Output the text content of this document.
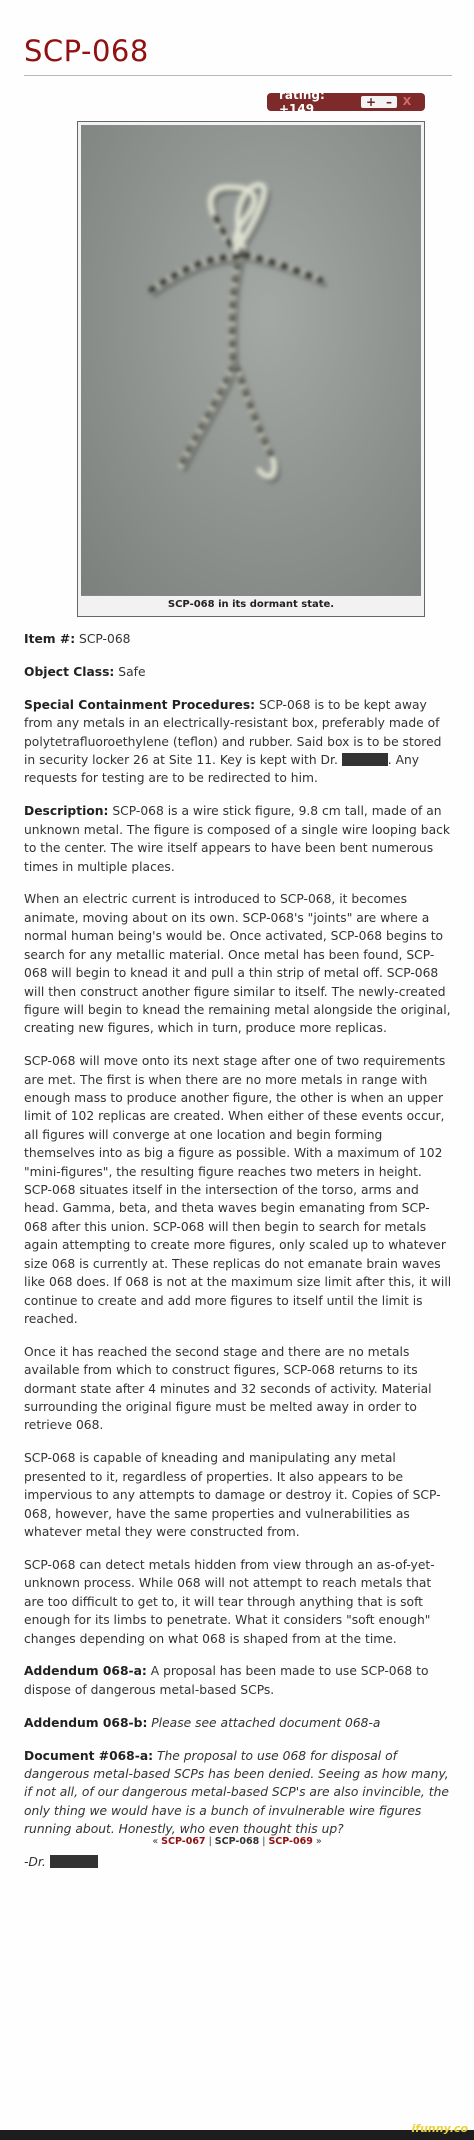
SCP-068
rating: +149	+ – X
SCP-068 in its dormant state.

Item #: SCP-068

Object Class: Safe

Special Containment Procedures: SCP-068 is to be kept away from any metals in an electrically-resistant box, preferably made of polytetrafluoroethylene (teflon) and rubber. Said box is to be stored in security locker 26 at Site 11. Key is kept with Dr.	. Any requests for testing are to be redirected to him.

Description: SCP-068 is a wire stick figure, 9.8 cm tall, made of an unknown metal. The figure is composed of a single wire looping back to the center. The wire itself appears to have been bent numerous times in multiple places.

When an electric current is introduced to SCP-068, it becomes animate, moving about on its own. SCP-068's "joints" are where a normal human being's would be. Once activated, SCP-068 begins to search for any metallic material. Once metal has been found, SCP-068 will begin to knead it and pull a thin strip of metal off. SCP-068 will then construct another figure similar to itself. The newly-created figure will begin to knead the remaining metal alongside the original, creating new figures, which in turn, produce more replicas.

SCP-068 will move onto its next stage after one of two requirements are met. The first is when there are no more metals in range with enough mass to produce another figure, the other is when an upper limit of 102 replicas are created. When either of these events occur, all figures will converge at one location and begin forming themselves into as big a figure as possible. With a maximum of 102 "mini-figures", the resulting figure reaches two meters in height. SCP-068 situates itself in the intersection of the torso, arms and head. Gamma, beta, and theta waves begin emanating from SCP-068 after this union. SCP-068 will then begin to search for metals again attempting to create more figures, only scaled up to whatever size 068 is currently at. These replicas do not emanate brain waves like 068 does. If 068 is not at the maximum size limit after this, it will continue to create and add more figures to itself until the limit is reached.

Once it has reached the second stage and there are no metals available from which to construct figures, SCP-068 returns to its dormant state after 4 minutes and 32 seconds of activity. Material surrounding the original figure must be melted away in order to retrieve 068.

SCP-068 is capable of kneading and manipulating any metal presented to it, regardless of properties. It also appears to be impervious to any attempts to damage or destroy it. Copies of SCP-068, however, have the same properties and vulnerabilities as whatever metal they were constructed from.

SCP-068 can detect metals hidden from view through an as-of-yet-unknown process. While 068 will not attempt to reach metals that are too difficult to get to, it will tear through anything that is soft enough for its limbs to penetrate. What it considers "soft enough" changes depending on what 068 is shaped from at the time.

Addendum 068-a: A proposal has been made to use SCP-068 to dispose of dangerous metal-based SCPs.

Addendum 068-b: Please see attached document 068-a

Document #068-a: The proposal to use 068 for disposal of dangerous metal-based SCPs has been denied. Seeing as how many, if not all, of our dangerous metal-based SCP's are also invincible, the only thing we would have is a bunch of invulnerable wire figures running about. Honestly, who even thought this up?

-Dr.

« SCP-067 | SCP-068 | SCP-069 »
ifunny.co
